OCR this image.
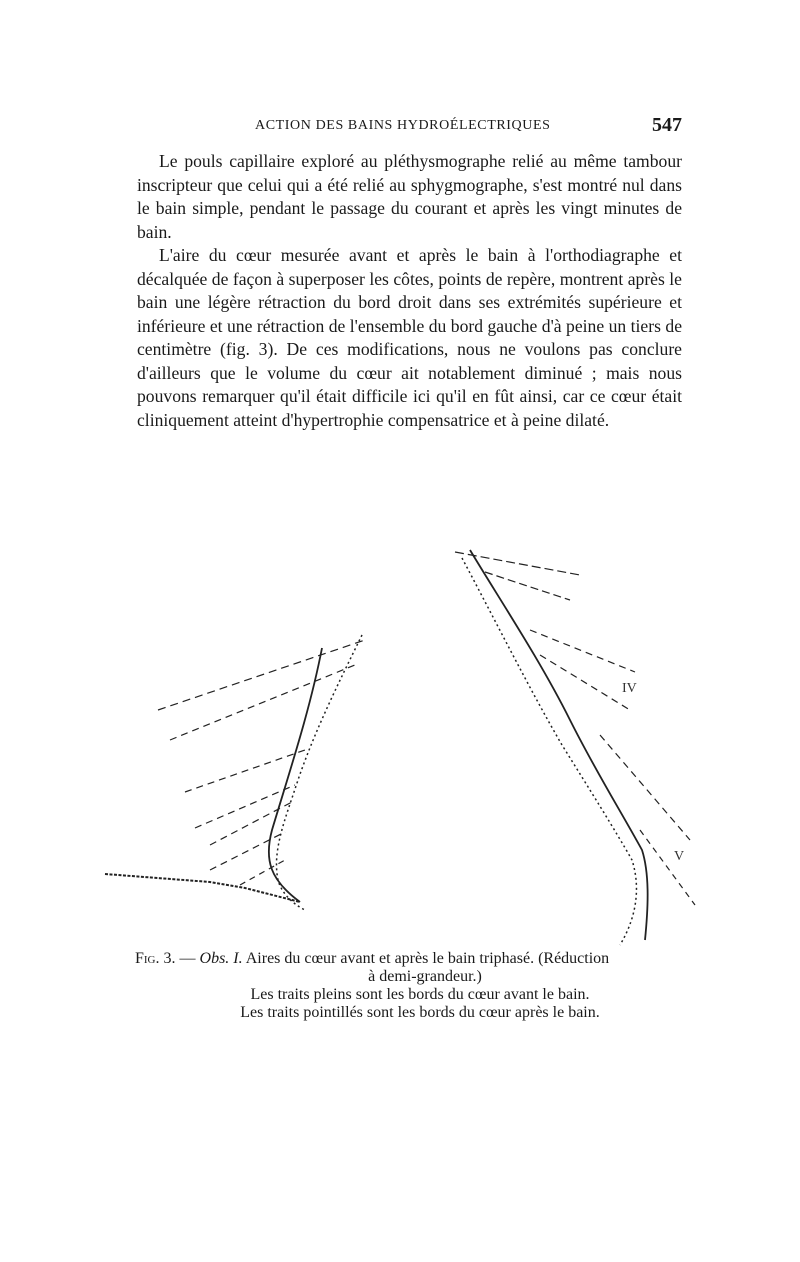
ACTION DES BAINS HYDROÉLECTRIQUES	547

Le pouls capillaire exploré au pléthysmographe relié au même tambour inscripteur que celui qui a été relié au sphygmographe, s'est montré nul dans le bain simple, pendant le passage du courant et après les vingt minutes de bain.

L'aire du cœur mesurée avant et après le bain à l'orthodiagraphe et décalquée de façon à superposer les côtes, points de repère, montrent après le bain une légère rétraction du bord droit dans ses extrémités supérieure et inférieure et une rétraction de l'ensemble du bord gauche d'à peine un tiers de centimètre (fig. 3). De ces modifications, nous ne voulons pas conclure d'ailleurs que le volume du cœur ait notablement diminué ; mais nous pouvons remarquer qu'il était difficile ici qu'il en fût ainsi, car ce cœur était cliniquement atteint d'hypertrophie compensatrice et à peine dilaté.

IV
V
Fig. 3. — Obs. I. Aires du cœur avant et après le bain triphasé. (Réduction
à demi-grandeur.)
Les traits pleins sont les bords du cœur avant le bain.
Les traits pointillés sont les bords du cœur après le bain.
